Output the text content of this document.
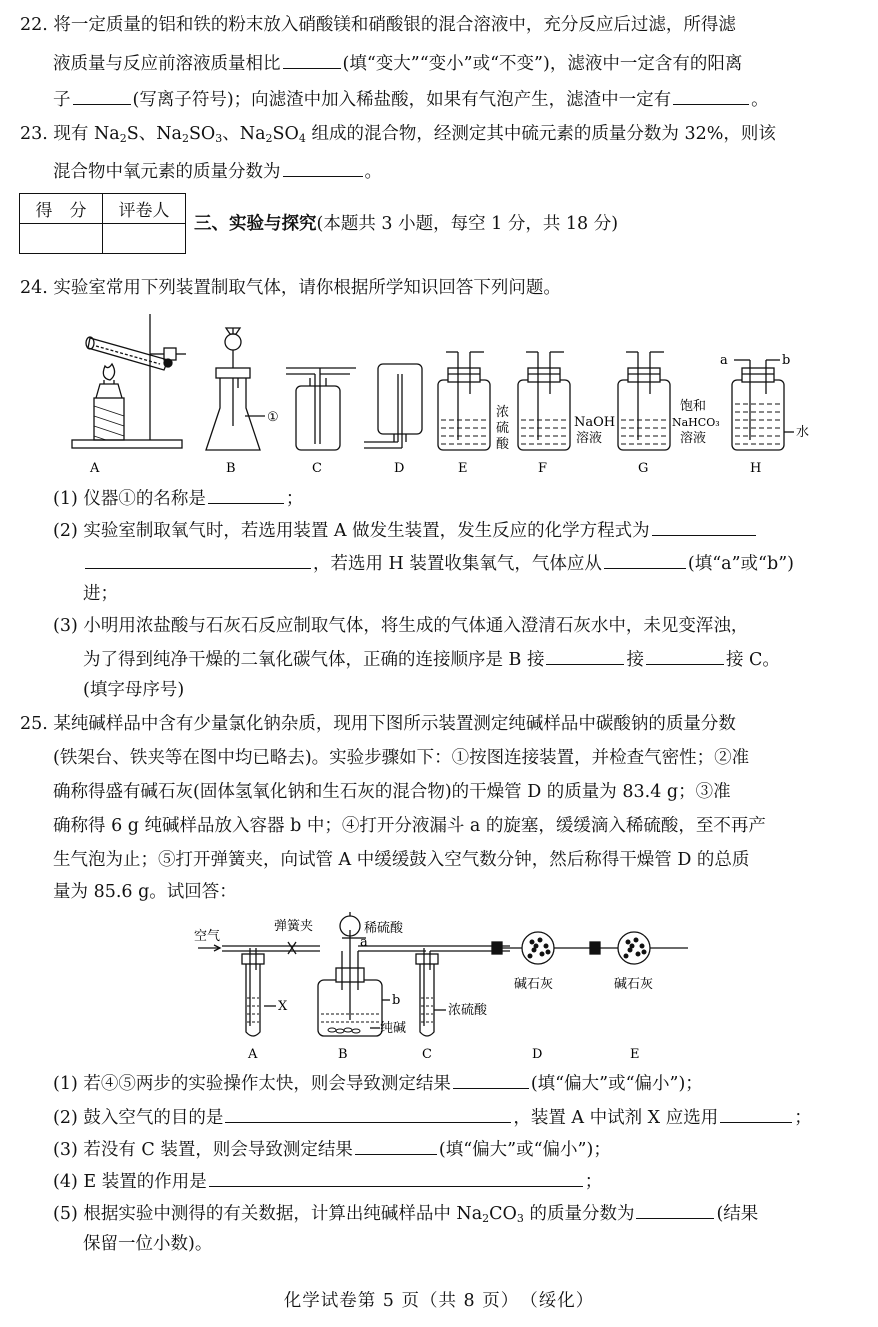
22. 将一定质量的铝和铁的粉末放入硝酸镁和硝酸银的混合溶液中，充分反应后过滤，所得滤
液质量与反应前溶液质量相比	(填“变大”“变小”或“不变”)，滤液中一定含有的阳离
子	(写离子符号)；向滤渣中加入稀盐酸，如果有气泡产生，滤渣中一定有	。
23. 现有 $Na_2S$、$Na_2SO_3$、$Na_2SO_4$ 组成的混合物，经测定其中硫元素的质量分数为 32%，则该
混合物中氧元素的质量分数为	。
得　分	评卷人

三、实验与探究(本题共 3 小题，每空 1 分，共 18 分)
24. 实验室常用下列装置制取气体，请你根据所学知识回答下列问题。
①	浓
硫
酸
NaOH
溶液
饱和
NaHCO₃
溶液
a	b
水
A	B	C	D	E	F	G	H
(1) 仪器①的名称是	；
(2) 实验室制取氧气时，若选用装置 A 做发生装置，发生反应的化学方程式为
，若选用 H 装置收集氧气，气体应从	(填“a”或“b”)
进；
(3) 小明用浓盐酸与石灰石反应制取气体，将生成的气体通入澄清石灰水中，未见变浑浊，
为了得到纯净干燥的二氧化碳气体，正确的连接顺序是 B 接	接	接 C。
(填字母序号)
25. 某纯碱样品中含有少量氯化钠杂质，现用下图所示装置测定纯碱样品中碳酸钠的质量分数
(铁架台、铁夹等在图中均已略去)。实验步骤如下：①按图连接装置，并检查气密性；②准
确称得盛有碱石灰(固体氢氧化钠和生石灰的混合物)的干燥管 D 的质量为 83.4 g；③准
确称得 6 g 纯碱样品放入容器 b 中；④打开分液漏斗 a 的旋塞，缓缓滴入稀硫酸，至不再产
生气泡为止；⑤打开弹簧夹，向试管 A 中缓缓鼓入空气数分钟，然后称得干燥管 D 的总质
量为 85.6 g。试回答：
空气
弹簧夹	稀硫酸
a
X	b
纯碱
浓硫酸
碱石灰	碱石灰
A	B	C	D	E
(1) 若④⑤两步的实验操作太快，则会导致测定结果	(填“偏大”或“偏小”)；
(2) 鼓入空气的目的是	，装置 A 中试剂 X 应选用	；
(3) 若没有 C 装置，则会导致测定结果	(填“偏大”或“偏小”)；
(4) E 装置的作用是	；
(5) 根据实验中测得的有关数据，计算出纯碱样品中 $Na_2CO_3$ 的质量分数为	(结果
保留一位小数)。
化学试卷第 5 页（共 8 页）　（绥化）
